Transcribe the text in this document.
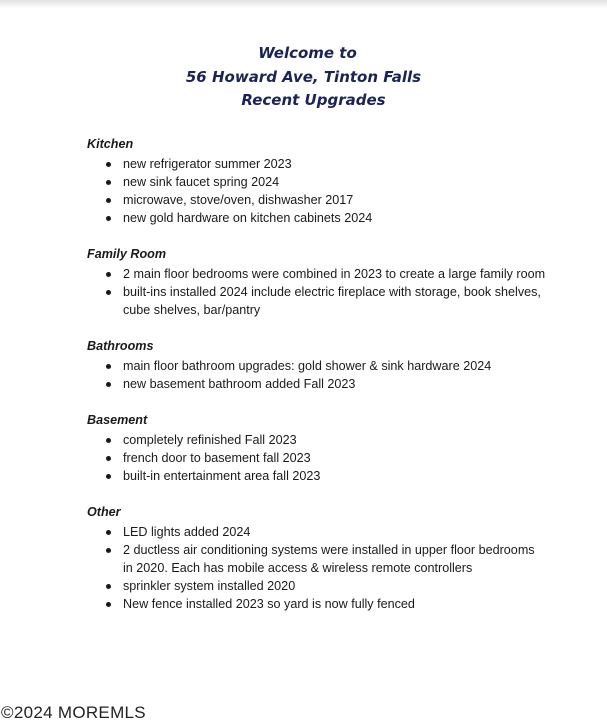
Welcome to
56 Howard Ave, Tinton Falls
Recent Upgrades
Kitchen
new refrigerator summer 2023
new sink faucet spring 2024
microwave, stove/oven, dishwasher 2017
new gold hardware on kitchen cabinets 2024
Family Room
2 main floor bedrooms were combined in 2023 to create a large family room
built-ins installed 2024 include electric fireplace with storage, book shelves, cube shelves, bar/pantry
Bathrooms
main floor bathroom upgrades: gold shower & sink hardware 2024
new basement bathroom added Fall 2023
Basement
completely refinished Fall 2023
french door to basement fall 2023
built-in entertainment area fall 2023
Other
LED lights added 2024
2 ductless air conditioning systems were installed in upper floor bedrooms in 2020. Each has mobile access & wireless remote controllers
sprinkler system installed 2020
New fence installed 2023 so yard is now fully fenced
©2024 MOREMLS
